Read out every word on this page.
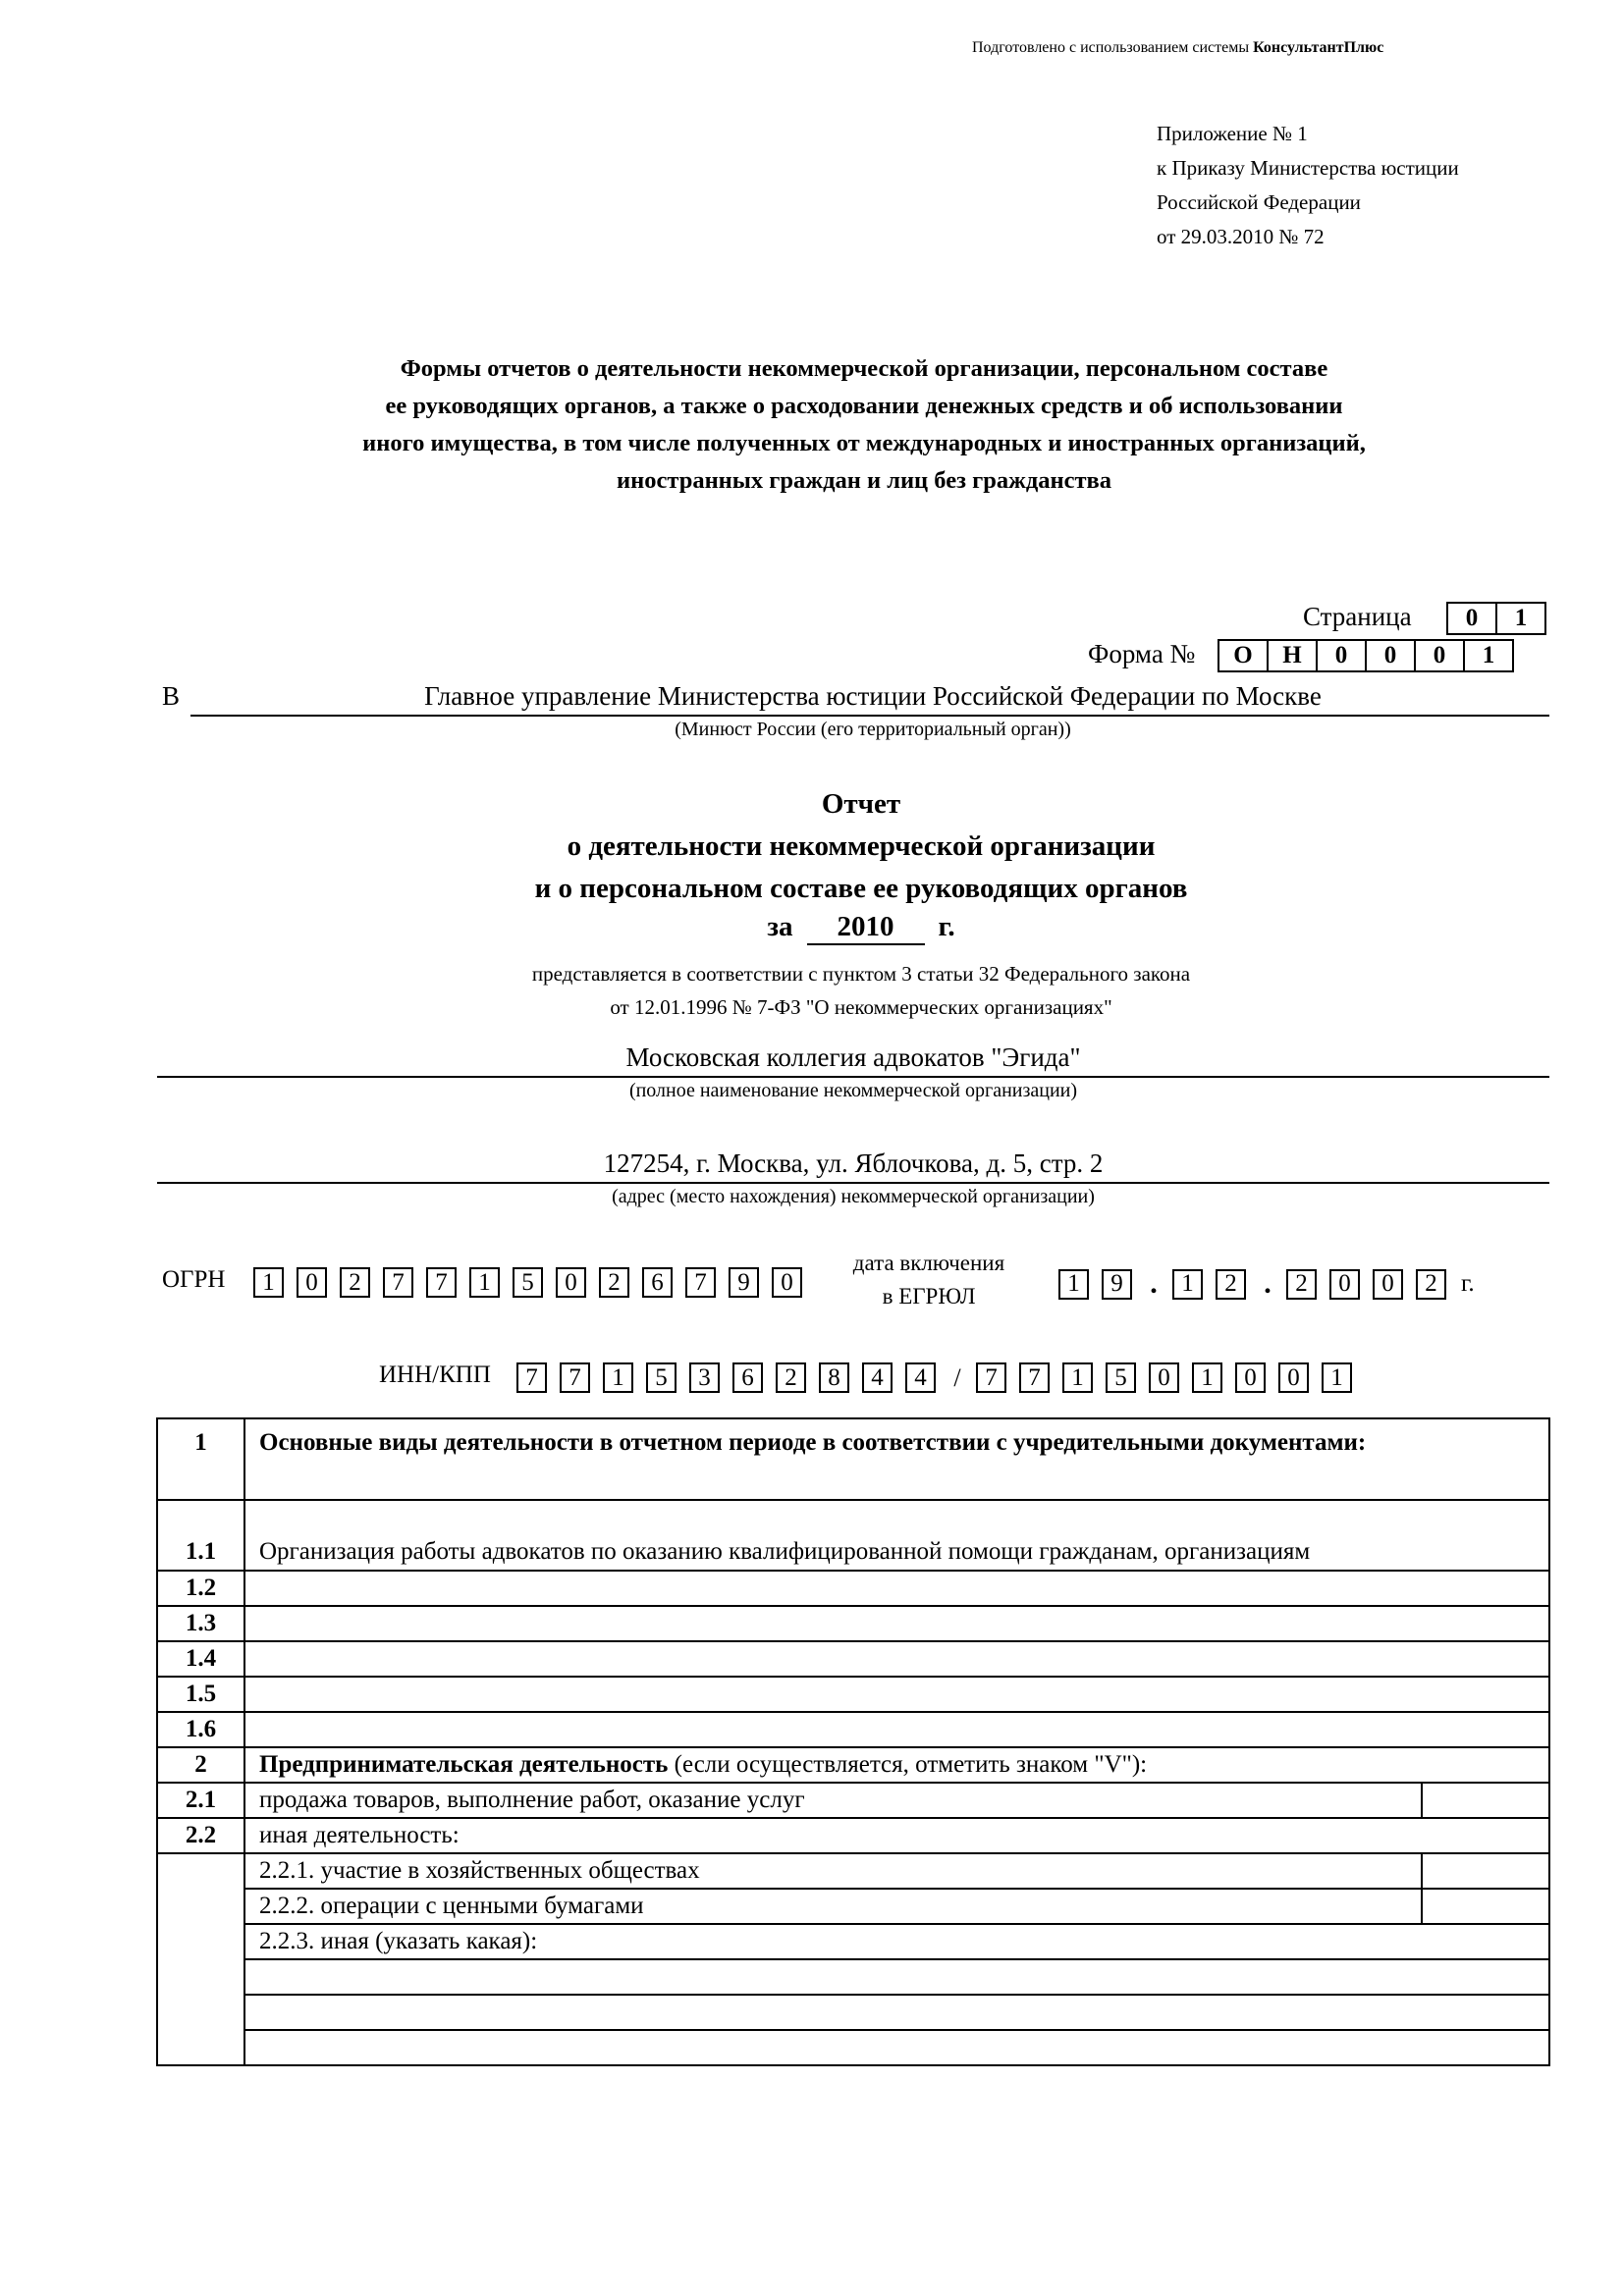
Подготовлено с использованием системы КонсультантПлюс
Приложение № 1
к Приказу Министерства юстиции
Российской Федерации
от 29.03.2010 № 72
Формы отчетов о деятельности некоммерческой организации, персональном составе
ее руководящих органов, а также о расходовании денежных средств и об использовании
иного имущества, в том числе полученных от международных и иностранных организаций,
иностранных граждан и лиц без гражданства
Страница	0	1
Форма №	О	Н	0	0	0	1
В	Главное управление Министерства юстиции Российской Федерации по Москве
(Минюст России (его территориальный орган))
Отчет
о деятельности некоммерческой организации
и о персональном составе ее руководящих органов
за 2010 г.
представляется в соответствии с пунктом 3 статьи 32 Федерального закона
от 12.01.1996 № 7-ФЗ "О некоммерческих организациях"
Московская коллегия адвокатов "Эгида"
(полное наименование некоммерческой организации)
127254, г. Москва, ул. Яблочкова, д. 5, стр. 2
(адрес (место нахождения) некоммерческой организации)
ОГРН	1	0	2	7	7	1	5	0	2	6	7	9	0
дата включения
в ЕГРЮЛ	1	9 . 1	2 . 2	0	0	2 г.
ИНН/КПП	7	7	1	5	3	6	2	8	4	4	/ 7	7	1	5	0	1	0	0	1
1	Основные виды деятельности в отчетном периоде в соответствии с учредительными документами:	
1.1	Организация работы адвокатов по оказанию квалифицированной помощи гражданам, организациям	
1.2		
1.3		
1.4		
1.5		
1.6		
2	Предпринимательская деятельность (если осуществляется, отметить знаком "V"):	
2.1	продажа товаров, выполнение работ, оказание услуг	
2.2	иная деятельность:	
	2.2.1. участие в хозяйственных обществах	
	2.2.2. операции с ценными бумагами	
	2.2.3. иная (указать какая):	
